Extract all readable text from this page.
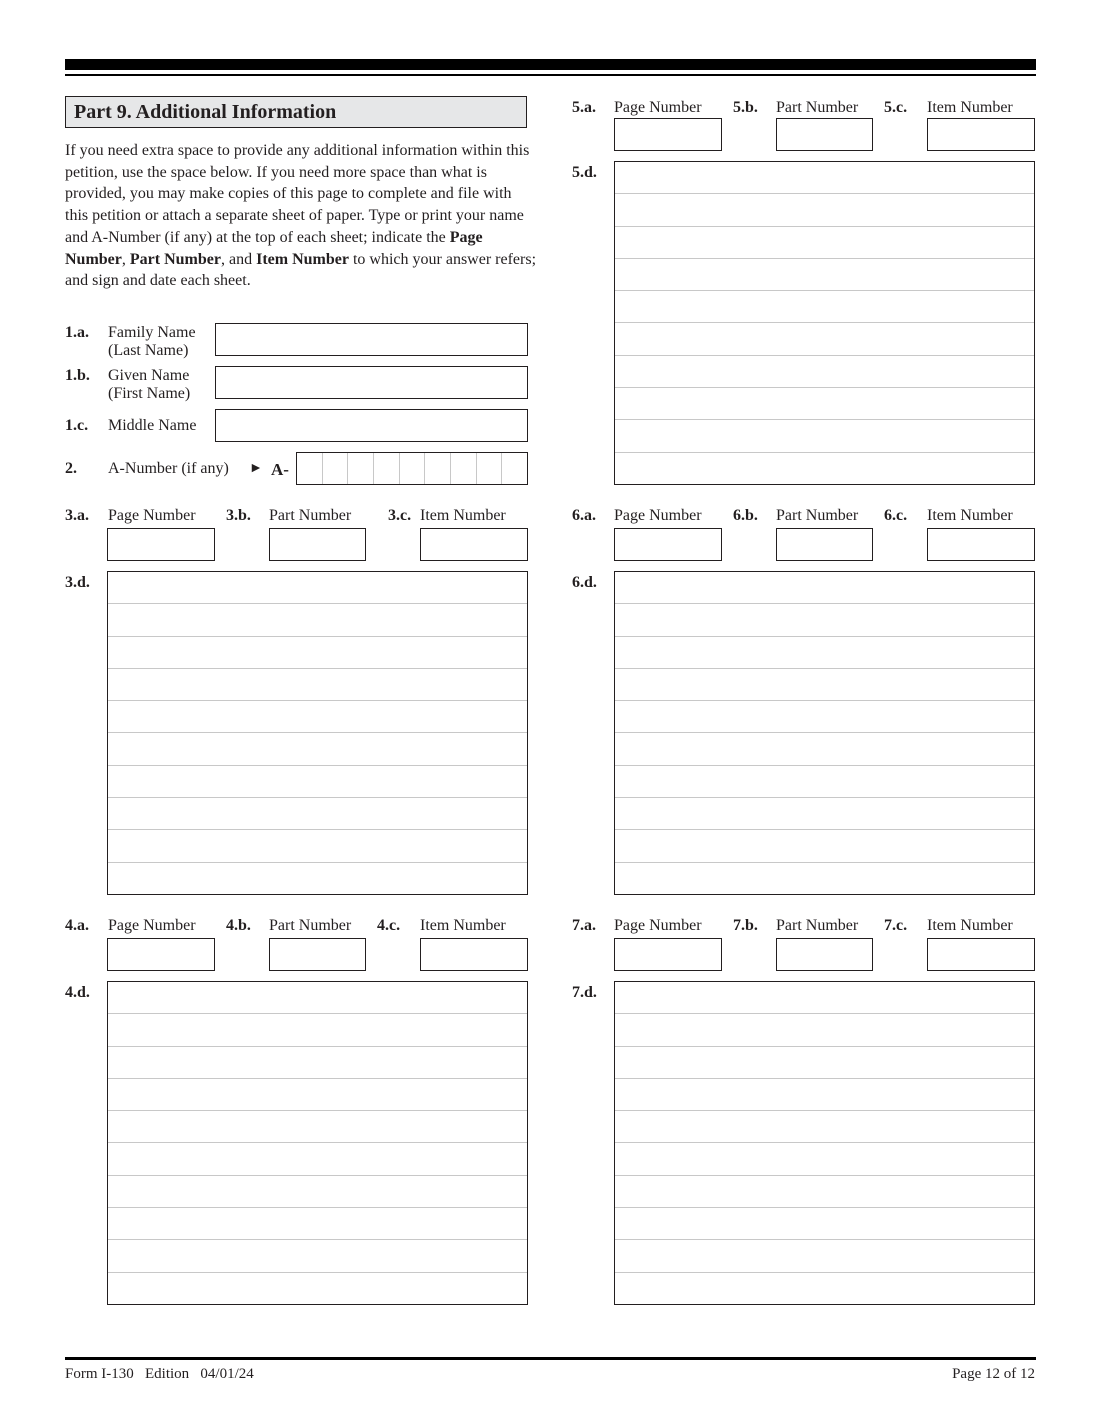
Part 9. Additional Information
If you need extra space to provide any additional information within this petition, use the space below. If you need more space than what is provided, you may make copies of this page to complete and file with this petition or attach a separate sheet of paper. Type or print your name and A-Number (if any) at the top of each sheet; indicate the Page Number, Part Number, and Item Number to which your answer refers; and sign and date each sheet.
1.a. Family Name
(Last Name)
1.b. Given Name
(First Name)
1.c. Middle Name
2. A-Number (if any) ► A-
3.a. Page Number 3.b. Part Number 3.c. Item Number
3.d.
4.a. Page Number 4.b. Part Number 4.c. Item Number
4.d.
5.a. Page Number 5.b. Part Number 5.c. Item Number
5.d.
6.a. Page Number 6.b. Part Number 6.c. Item Number
6.d.
7.a. Page Number 7.b. Part Number 7.c. Item Number
7.d.
Form I-130 Edition 04/01/24	Page 12 of 12
